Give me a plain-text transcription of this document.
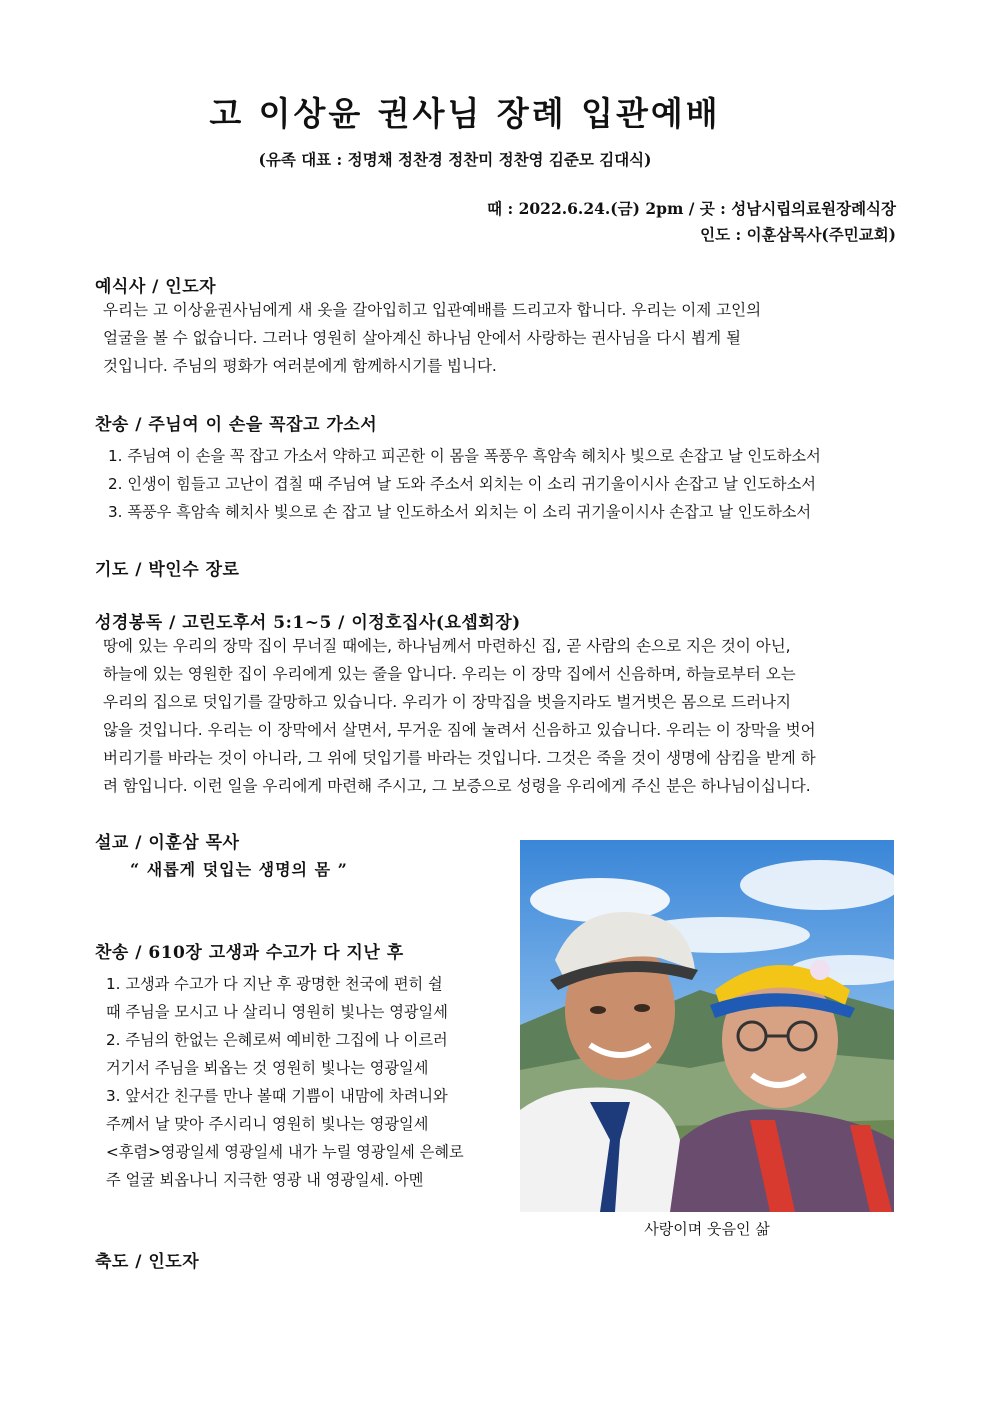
고 이상윤 권사님 장례 입관예배
(유족 대표 : 정명채 정찬경 정찬미 정찬영 김준모 김대식)
때 : 2022.6.24.(금) 2pm / 곳 : 성남시립의료원장례식장
인도 : 이훈삼목사(주민교회)
예식사 / 인도자
우리는 고 이상윤권사님에게 새 옷을 갈아입히고 입관예배를 드리고자 합니다. 우리는 이제 고인의
얼굴을 볼 수 없습니다. 그러나 영원히 살아계신 하나님 안에서 사랑하는 권사님을 다시 뵙게 될
것입니다. 주님의 평화가 여러분에게 함께하시기를 빕니다.
찬송 / 주님여 이 손을 꼭잡고 가소서
1. 주님여 이 손을 꼭 잡고 가소서 약하고 피곤한 이 몸을 폭풍우 흑암속 헤치사 빛으로 손잡고 날 인도하소서
2. 인생이 힘들고 고난이 겹칠 때 주님여 날 도와 주소서 외치는 이 소리 귀기울이시사 손잡고 날 인도하소서
3. 폭풍우 흑암속 헤치사 빛으로 손 잡고 날 인도하소서 외치는 이 소리 귀기울이시사 손잡고 날 인도하소서
기도 / 박인수 장로
성경봉독 / 고린도후서 5:1~5 / 이정호집사(요셉회장)
땅에 있는 우리의 장막 집이 무너질 때에는, 하나님께서 마련하신 집, 곧 사람의 손으로 지은 것이 아닌,
하늘에 있는 영원한 집이 우리에게 있는 줄을 압니다. 우리는 이 장막 집에서 신음하며, 하늘로부터 오는
우리의 집으로 덧입기를 갈망하고 있습니다. 우리가 이 장막집을 벗을지라도 벌거벗은 몸으로 드러나지
않을 것입니다. 우리는 이 장막에서 살면서, 무거운 짐에 눌려서 신음하고 있습니다. 우리는 이 장막을 벗어
버리기를 바라는 것이 아니라, 그 위에 덧입기를 바라는 것입니다. 그것은 죽을 것이 생명에 삼킴을 받게 하
려 함입니다. 이런 일을 우리에게 마련해 주시고, 그 보증으로 성령을 우리에게 주신 분은 하나님이십니다.
설교 / 이훈삼 목사
“ 새롭게 덧입는 생명의 몸 ”
찬송 / 610장 고생과 수고가 다 지난 후
1. 고생과 수고가 다 지난 후 광명한 천국에 편히 쉴
때 주님을 모시고 나 살리니 영원히 빛나는 영광일세
2. 주님의 한없는 은혜로써 예비한 그집에 나 이르러
거기서 주님을 뵈옵는 것 영원히 빛나는 영광일세
3. 앞서간 친구를 만나 볼때 기쁨이 내맘에 차려니와
주께서 날 맞아 주시리니 영원히 빛나는 영광일세
<후렴>영광일세 영광일세 내가 누릴 영광일세 은혜로
주 얼굴 뵈옵나니 지극한 영광 내 영광일세. 아멘
사랑이며 웃음인 삶
축도 / 인도자
